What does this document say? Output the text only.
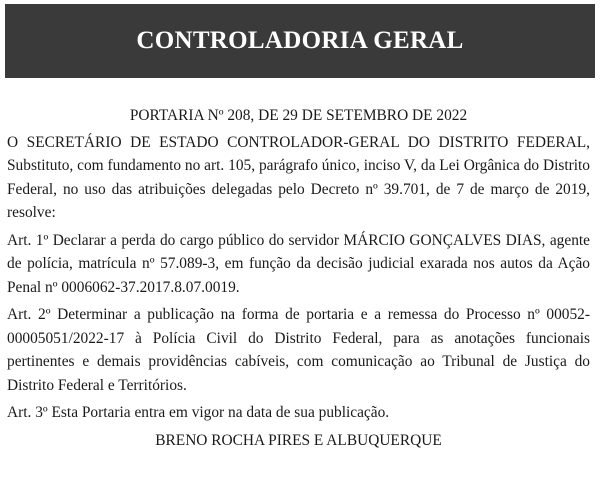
CONTROLADORIA GERAL

PORTARIA Nº 208, DE 29 DE SETEMBRO DE 2022

O SECRETÁRIO DE ESTADO CONTROLADOR-GERAL DO DISTRITO FEDERAL, Substituto, com fundamento no art. 105, parágrafo único, inciso V, da Lei Orgânica do Distrito Federal, no uso das atribuições delegadas pelo Decreto nº 39.701, de 7 de março de 2019, resolve:

Art. 1º Declarar a perda do cargo público do servidor MÁRCIO GONÇALVES DIAS, agente de polícia, matrícula nº 57.089-3, em função da decisão judicial exarada nos autos da Ação Penal nº 0006062-37.2017.8.07.0019.

Art. 2º Determinar a publicação na forma de portaria e a remessa do Processo nº 00052-00005051/2022-17 à Polícia Civil do Distrito Federal, para as anotações funcionais pertinentes e demais providências cabíveis, com comunicação ao Tribunal de Justiça do Distrito Federal e Territórios.

Art. 3º Esta Portaria entra em vigor na data de sua publicação.

BRENO ROCHA PIRES E ALBUQUERQUE
